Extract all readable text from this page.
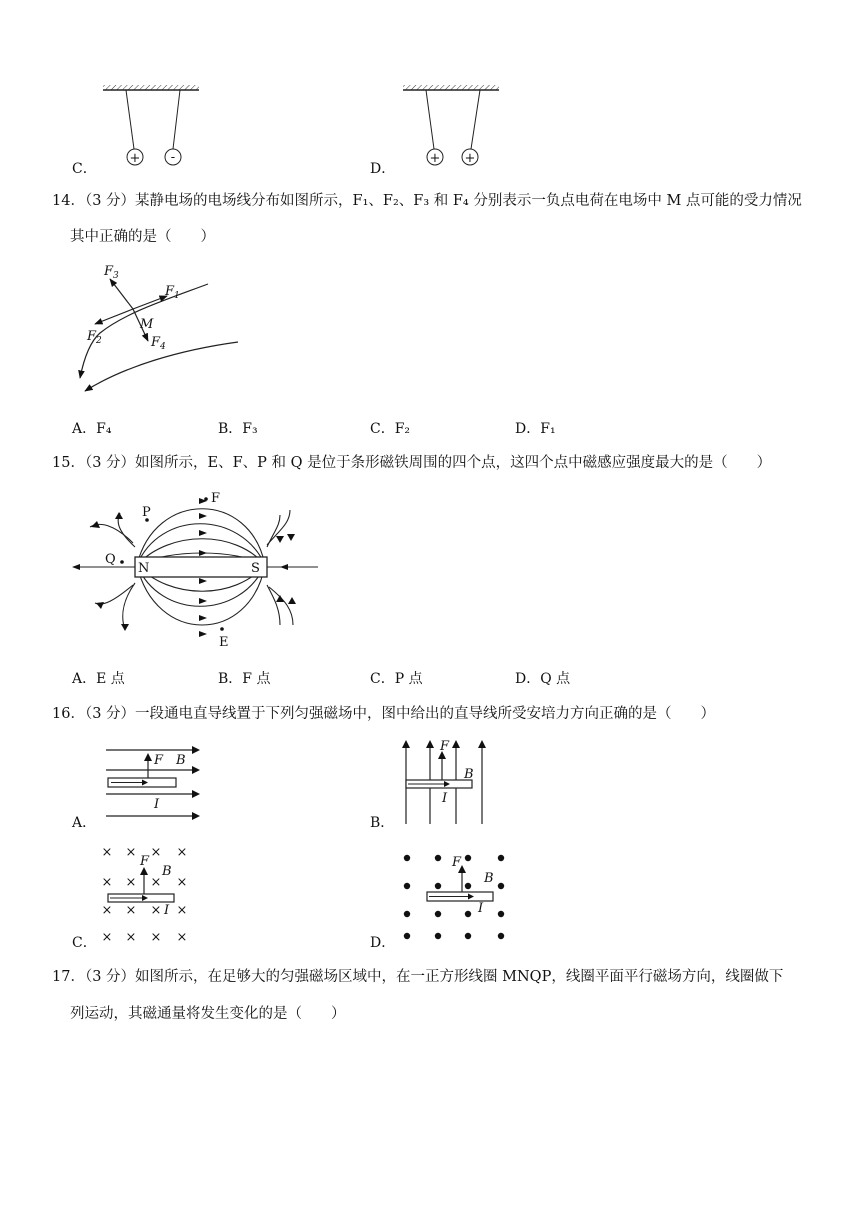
C．
+ -
D．
+ +
14．（3 分）某静电场的电场线分布如图所示，F₁、F₂、F₃ 和 F₄ 分别表示一负点电荷在电场中 M 点可能的受力情况
其中正确的是（　　）
$F_3$
$F_1$
M
$F_2$	$F_4$
A．F₄	B．F₃	C．F₂	D．F₁
15．（3 分）如图所示，E、F、P 和 Q 是位于条形磁铁周围的四个点，这四个点中磁感应强度最大的是（　　）
N	S
F
P
Q
E
A．E 点	B．F 点	C．P 点	D．Q 点
16．（3 分）一段通电直导线置于下列匀强磁场中，图中给出的直导线所受安培力方向正确的是（　　）
A．
F B
I
B．
F
B
I
C．
× × × ×
× × × ×
× × × ×
× × × ×
F
B
I
D．
F
B
I
17．（3 分）如图所示，在足够大的匀强磁场区域中，在一正方形线圈 MNQP，线圈平面平行磁场方向，线圈做下
列运动，其磁通量将发生变化的是（　　）
